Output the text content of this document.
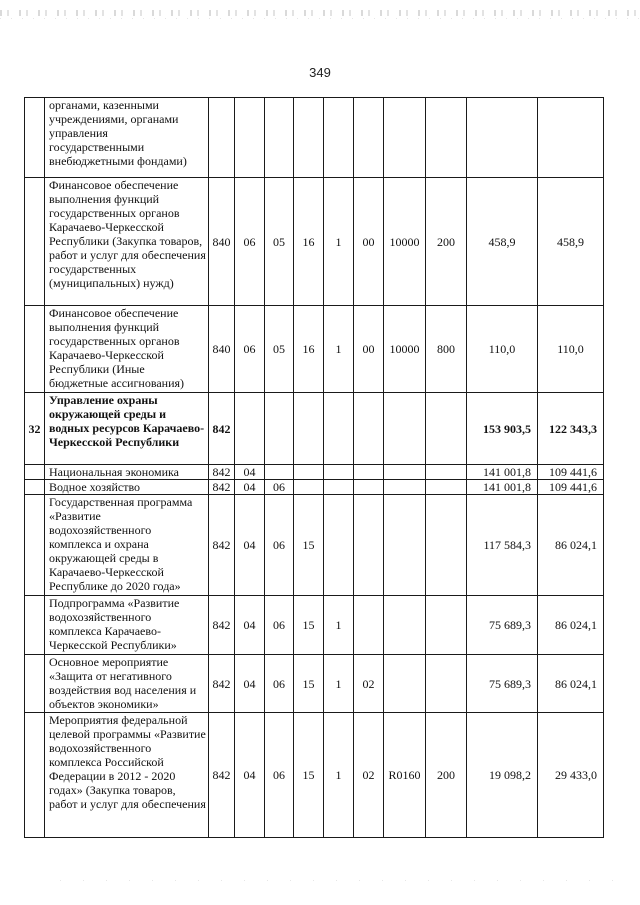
349
	органами, казенными учреждениями, органами управления государственными внебюджетными фондами)										
	Финансовое обеспечение выполнения функций государственных органов Карачаево-Черкесской Республики (Закупка товаров, работ и услуг для обеспечения государственных (муниципальных) нужд)	840	06	05	16	1	00	10000	200	458,9	458,9
	Финансовое обеспечение выполнения функций государственных органов Карачаево-Черкесской Республики (Иные бюджетные ассигнования)	840	06	05	16	1	00	10000	800	110,0	110,0
32	Управление охраны окружающей среды и водных ресурсов Карачаево-Черкесской Республики	842								153 903,5	122 343,3
	Национальная экономика	842	04							141 001,8	109 441,6
	Водное хозяйство	842	04	06						141 001,8	109 441,6
	Государственная программа «Развитие водохозяйственного комплекса и охрана окружающей среды в Карачаево-Черкесской Республике до 2020 года»	842	04	06	15					117 584,3	86 024,1
	Подпрограмма «Развитие водохозяйственного комплекса Карачаево-Черкесской Республики»	842	04	06	15	1				75 689,3	86 024,1
	Основное мероприятие «Защита от негативного воздействия вод населения и объектов экономики»	842	04	06	15	1	02			75 689,3	86 024,1
	Мероприятия федеральной целевой программы «Развитие водохозяйственного комплекса Российской Федерации в 2012 - 2020 годах» (Закупка товаров, работ и услуг для обеспечения	842	04	06	15	1	02	R0160	200	19 098,2	29 433,0
